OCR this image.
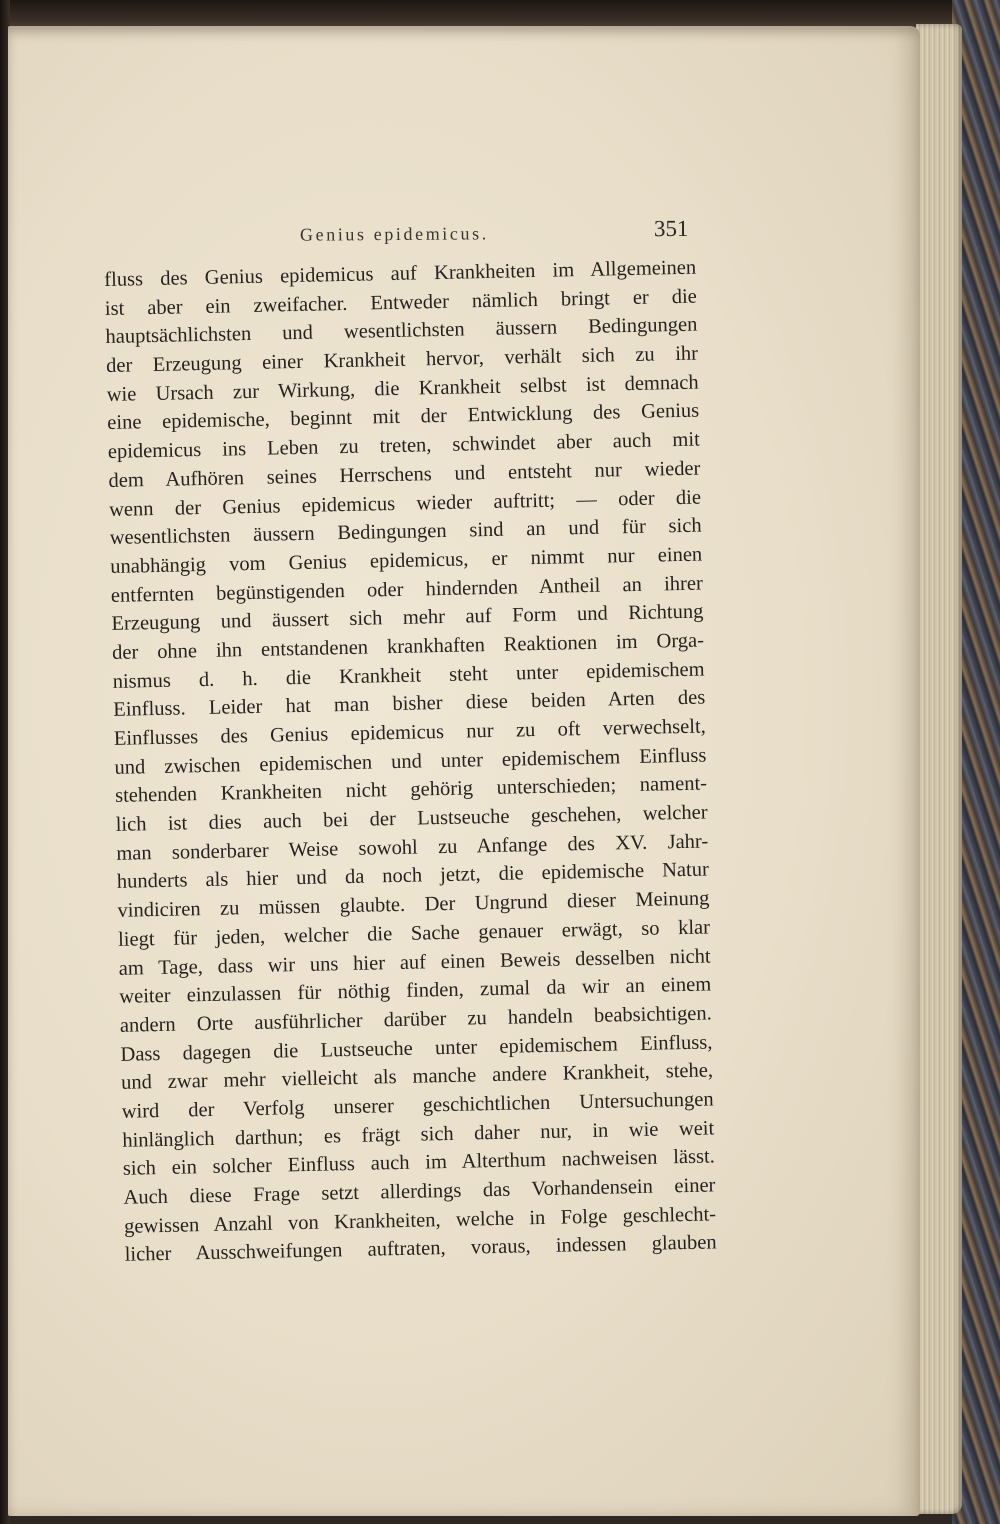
Genius epidemicus.	351
fluss des Genius epidemicus auf Krankheiten im Allgemeinen
ist aber ein zweifacher. Entweder nämlich bringt er die
hauptsächlichsten und wesentlichsten äussern Bedingungen
der Erzeugung einer Krankheit hervor, verhält sich zu ihr
wie Ursach zur Wirkung, die Krankheit selbst ist demnach
eine epidemische, beginnt mit der Entwicklung des Genius
epidemicus ins Leben zu treten, schwindet aber auch mit
dem Aufhören seines Herrschens und entsteht nur wieder
wenn der Genius epidemicus wieder auftritt; — oder die
wesentlichsten äussern Bedingungen sind an und für sich
unabhängig vom Genius epidemicus, er nimmt nur einen
entfernten begünstigenden oder hindernden Antheil an ihrer
Erzeugung und äussert sich mehr auf Form und Richtung
der ohne ihn entstandenen krankhaften Reaktionen im Orga-
nismus d. h. die Krankheit steht unter epidemischem
Einfluss. Leider hat man bisher diese beiden Arten des
Einflusses des Genius epidemicus nur zu oft verwechselt,
und zwischen epidemischen und unter epidemischem Einfluss
stehenden Krankheiten nicht gehörig unterschieden; nament-
lich ist dies auch bei der Lustseuche geschehen, welcher
man sonderbarer Weise sowohl zu Anfange des XV. Jahr-
hunderts als hier und da noch jetzt, die epidemische Natur
vindiciren zu müssen glaubte. Der Ungrund dieser Meinung
liegt für jeden, welcher die Sache genauer erwägt, so klar
am Tage, dass wir uns hier auf einen Beweis desselben nicht
weiter einzulassen für nöthig finden, zumal da wir an einem
andern Orte ausführlicher darüber zu handeln beabsichtigen.
Dass dagegen die Lustseuche unter epidemischem Einfluss,
und zwar mehr vielleicht als manche andere Krankheit, stehe,
wird der Verfolg unserer geschichtlichen Untersuchungen
hinlänglich darthun; es frägt sich daher nur, in wie weit
sich ein solcher Einfluss auch im Alterthum nachweisen lässt.
Auch diese Frage setzt allerdings das Vorhandensein einer
gewissen Anzahl von Krankheiten, welche in Folge geschlecht-
licher Ausschweifungen auftraten, voraus, indessen glauben
